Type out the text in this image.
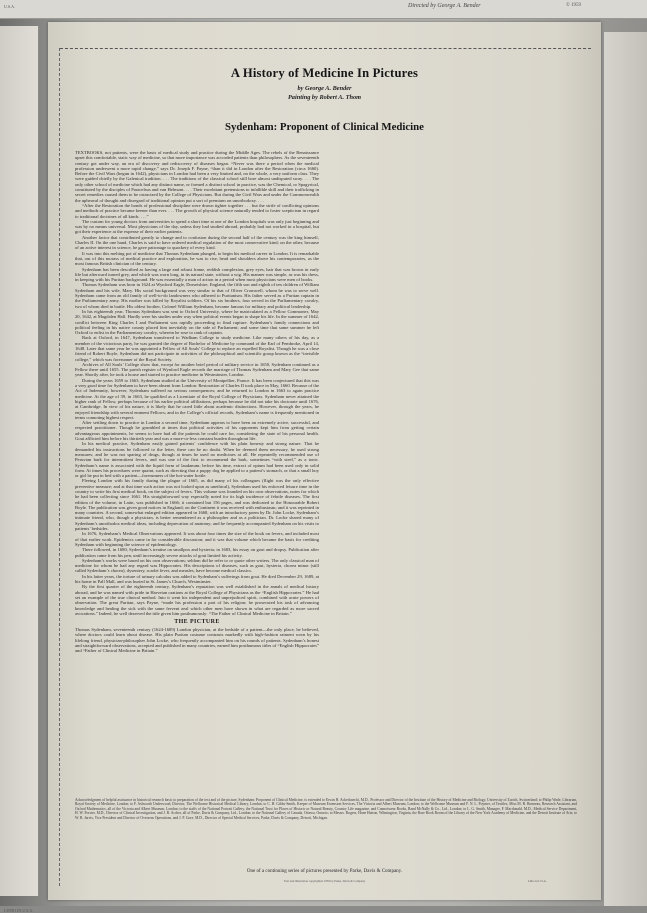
U.S.A.	Directed by George A. Bender	© 1959
LITHO IN U.S.A.
A History of Medicine In Pictures
by George A. Bender
Painting by Robert A. Thom
Sydenham: Proponent of Clinical Medicine

TEXTBOOKS, not patients, were the basis of medical study and practice during the Middle Ages. The rebels of the Renaissance upset this comfortable, static way of medicine, so that more importance was accorded patients than philosophers. As the seventeenth century got under way, an era of discovery and rediscovery of diseases began. “Never was there a period when the medical profession underwent a more rapid change,” says Dr. Joseph F. Payne, “than it did in London after the Restoration (circa 1660). Before the Civil Wars (begun in 1642), physicians in London had been a very limited and, on the whole, a very uniform class. They were guided chiefly by the Galenical tradition. . . . The traditions of the classical school still bore almost undisputed sway. . . . The only other school of medicine which had any distinct name, or formed a distinct school in practice, was the Chemical, or Spagyrical, constituted by the disciples of Paracelsus and van Helmont. . . . Their exorbitant pretensions to infallible skill and their trafficking in secret remedies caused them to be ostracized by the College of Physicians. But during the Civil Wars and under the Commonwealth the upheaval of thought and disregard of traditional opinion put a sort of premium on unorthodoxy. . . .

“After the Restoration the bonds of professional discipline were drawn tighter together . . . but the strife of conflicting opinions and methods of practice became keener than ever. . . . The growth of physical science naturally tended to foster scepticism in regard to traditional doctrines of all kinds. . . .”

The custom for young doctors from universities to spend a short time at one of the London hospitals was only just beginning and was by no means universal. Most physicians of the day, unless they had studied abroad, probably had not worked in a hospital, but got their experience at the expense of their earlier patients.

Another factor that contributed greatly to change and to confusion during the second half of the century was the king himself, Charles II. On the one hand, Charles is said to have ordered medical regulation of the most conservative kind; on the other, because of an active interest in science, he gave patronage to quackery of every kind.

It was into this melting pot of medicine that Thomas Sydenham plunged, to begin his medical career in London. It is remarkable that, out of this morass of medical practice and exploration, he was to rise, head and shoulders above his contemporaries, as the most famous British clinician of the century.

Sydenham has been described as having a large and robust frame, reddish complexion, grey eyes, hair that was brown in early life but afterward turned grey, and which was worn long, in its natural state, without a wig. His manner was simple, as was his dress, in keeping with his Puritan background. He was essentially a man of action in a period when most physicians were men of books.

Thomas Sydenham was born in 1624 at Wynford Eagle, Dorsetshire, England, the fifth son and eighth of ten children of William Sydenham and his wife, Mary. His social background was very similar to that of Oliver Cromwell, whom he was to serve well. Sydenham came from an old family of well-to-do landowners who adhered to Puritanism. His father served as a Puritan captain in the Parliamentary army. His mother was killed by Royalist soldiers. Of his six brothers, four served in the Parliamentary cavalry, two of whom died in battle. His oldest brother, Colonel William Sydenham, became famous for military and political leadership.

In his eighteenth year, Thomas Sydenham was sent to Oxford University, where he matriculated as a Fellow Commoner, May 20, 1642, at Magdalen Hall. Hardly were his studies under way when political events began to shape his life. In the summer of 1642, conflict between King Charles I and Parliament was rapidly proceeding to final rupture. Sydenham’s family connections and political feeling in his native county placed him inevitably on the side of Parliament; and some time that same summer he left Oxford to enlist in the Parliamentary cavalry, wherein he rose to rank of captain.

Back at Oxford, in 1647, Sydenham transferred to Wadham College to study medicine. Like many others of his day, as a member of the victorious party, he was granted the degree of Bachelor of Medicine by command of the Earl of Pembroke, April 14, 1648. Later that same year he was appointed a Fellow of All Souls’ College to replace an expelled Royalist. Though he was a close friend of Robert Boyle, Sydenham did not participate in activities of the philosophical and scientific group known as the “invisible college,” which was forerunner of the Royal Society.

Archives of All Souls’ College show that, except for another brief period of military service in 1650, Sydenham continued as a Fellow there until 1655. The parish register of Wynford Eagle records the marriage of Thomas Sydenham and Mary Gee that same year. Shortly after, he took a house and started to practice medicine in Westminster, London.

During the years 1659 to 1663, Sydenham studied at the University of Montpellier, France. It has been conjectured that this was a very good time for Sydenham to have been absent from London: Restoration of Charles II took place in May, 1660. Because of the Act of Indemnity, however, Sydenham suffered no serious consequences; and he returned to London in 1663 to again practice medicine. At the age of 39, in 1663, he qualified as a Licentiate of the Royal College of Physicians. Sydenham never attained the higher rank of Fellow, perhaps because of his earlier political affiliations, perhaps because he did not take his doctorate until 1676, at Cambridge. In view of his nature, it is likely that he cared little about academic distinctions. However, through the years, he enjoyed friendship with several eminent Fellows; and in the College’s official records, Sydenham’s name is frequently mentioned in terms connoting highest respect.

After settling down to practice in London a second time, Sydenham appears to have been an extremely active, successful, and respected practitioner. Though he grumbled at times that political activities of his opponents kept him from getting certain advantageous appointments, he seems to have had all the patients he could care for, considering the state of his personal health. Gout afflicted him before his thirtieth year and was a more-or-less constant burden throughout life.

In his medical practice, Sydenham easily gained patients’ confidence with his plain honesty and strong nature. That he demanded his instructions be followed to the letter, there can be no doubt. When he deemed them necessary, he used strong measures; and he was not sparing of drugs, though at times he used no medicines at all. He repeatedly recommended use of Peruvian bark for intermittent fevers, and was one of the first to recommend the bark, sometimes “with steel,” as a tonic. Sydenham’s name is associated with the liquid form of laudanum; before his time, extract of opium had been used only in solid form. At times his procedures were quaint, such as directing that a puppy dog be applied to a patient’s stomach, or that a small boy or girl be put in bed with a patient—forerunners of the hot-water bottle.

Fleeing London with his family during the plague of 1665, as did many of his colleagues (flight was the only effective preventive measure; and at that time such action was not looked upon as unethical), Sydenham used his enforced leisure time in the country to write his first medical book, on the subject of fevers. This volume was founded on his own observations, notes for which he had been collecting since 1661. His straightforward way especially noted for its high incidence of febrile diseases. The first edition of the volume, in Latin, was published in 1666; it contained but 156 pages, and was dedicated to the Honourable Robert Boyle. The publication was given good notices in England; on the Continent it was received with enthusiasm; and it was reprinted in many countries. A second, somewhat enlarged edition appeared in 1668, with an introductory poem by Dr. John Locke, Sydenham’s intimate friend, who, though a physician, is better remembered as a philosopher and as a politician. Dr. Locke shared many of Sydenham’s unorthodox medical ideas, including deprecation of anatomy; and he frequently accompanied Sydenham on his visits to patients’ bedsides.

In 1676, Sydenham’s Medical Observations appeared. It was about four times the size of the book on fevers, and included most of that earlier work. Epidemics came in for considerable discussion; and it was that volume which became the basis for crediting Sydenham with beginning the science of epidemiology.

There followed, in 1680, Sydenham’s treatise on smallpox and hysteria; in 1683, his essay on gout and dropsy. Publication after publication came from his pen, until increasingly severe attacks of gout limited his activity.

Sydenham’s works were based on his own observations; seldom did he refer to or quote other writers. The only classical man of medicine for whom he had any regard was Hippocrates. His descriptions of diseases, such as gout, hysteria, chorea minor (still called Sydenham’s chorea), dysentery, scarlet fever, and measles, have become medical classics.

In his latter years, the torture of urinary calculus was added to Sydenham’s sufferings from gout. He died December 29, 1689, at his home in Pall Mall, and was buried in St. James’s Church, Westminster.

By the first quarter of the eighteenth century, Sydenham’s reputation was well established in the annals of medical history abroad, and he was named with pride in Harveian orations at the Royal College of Physicians as the “English Hippocrates.” He had set an example of the true clinical method. Into it went his independent and unprejudiced spirit, combined with acute powers of observation. The great Puritan, says Payne, “made his profession a part of his religion; he prosecuted his task of advancing knowledge and healing the sick with the same fervent zeal which other men have shown in what are regarded as more sacred avocations.” Indeed, he well deserved the title given him posthumously: “The Father of Clinical Medicine in Britain.”

THE PICTURE

Thomas Sydenham, seventeenth century (1624-1689) London physician, at the bedside of a patient—the only place, he believed, where doctors could learn about disease. His plain Puritan costume contrasts markedly with high-fashion raiment worn by his lifelong friend, physician-philosopher John Locke, who frequently accompanied him on his rounds of patients. Sydenham’s honest and straightforward observations, accepted and published in many countries, earned him posthumous titles of “English Hippocrates” and “Father of Clinical Medicine in Britain.”

Acknowledgment of helpful assistance in historical research basic to preparation of the text and of the picture, Sydenham: Proponent of Clinical Medicine, is extended to Erwin H. Ackerknecht, M.D., Professor and Director of the Institute of the History of Medicine and Biology, University of Zurich, Switzerland; to Philip Wade, Librarian, Royal Society of Medicine, London; to F. Ashworth Underwood, Director, The Wellcome Historical Medical Library, London; to C. H. Gibbs-Smith, Keeper of Museum Extension Services, The Victoria and Albert Museum, London; to the Wellcome Museum and F. N. L. Poynter, of Textiles, Miss M. B. Bonneau, Research Assistant, and Oxford Mathematics, all of the Victoria and Albert Museum, London; to the staffs of the National Portrait Gallery, the National Trust for Places of Historic or Natural Beauty, Country Life magazine, and Connoisseur Books, Rand McNally & Co., Ltd., London; to L. G. Smith, Manager, F. Macdonald, M.D., Medical Service Department, H. W. Forster, M.D., Director of Clinical Investigation, and J. R. Archer, all of Parke, Davis & Company, Ltd., London; to the National Gallery of Canada, Ottawa, Ontario; to Messrs. Rogers, Hone Hutton, Wilmington, Virginia, the Rare Book Room of the Library of the New York Academy of Medicine, and the Detroit Institute of Arts; to W. R. Jarvis, Vice President and Director of Overseas Operations, and J. P. Gore, M.D., Director of Special Medical Services, Parke, Davis & Company, Detroit, Michigan.

One of a continuing series of pictures presented by Parke, Davis & Company.
Text and illustration copyrighted 1959 by Parke, Davis & Company	Litho in U.S.A.
